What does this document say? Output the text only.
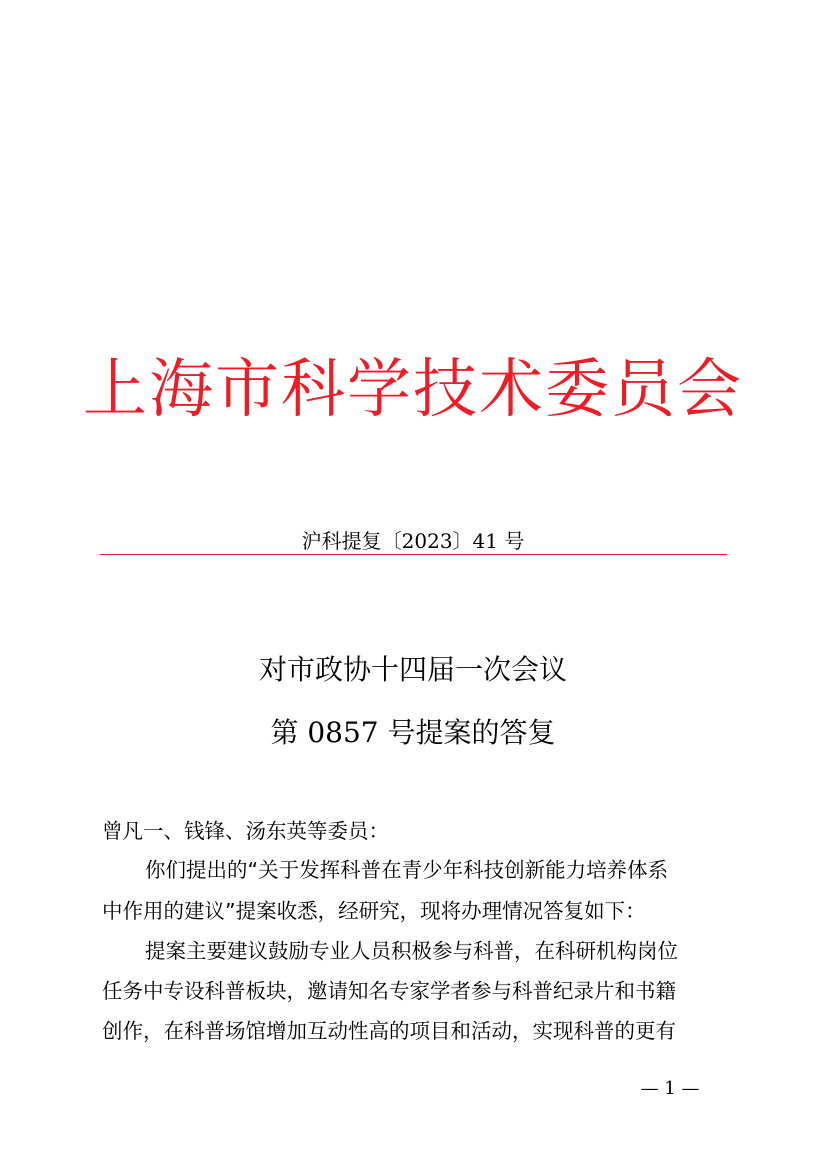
上海市科学技术委员会
沪科提复〔2023〕41 号
对市政协十四届一次会议
第 0857 号提案的答复
曾凡一、钱锋、汤东英等委员：
你们提出的“关于发挥科普在青少年科技创新能力培养体系
中作用的建议”提案收悉，经研究，现将办理情况答复如下：
提案主要建议鼓励专业人员积极参与科普，在科研机构岗位
任务中专设科普板块，邀请知名专家学者参与科普纪录片和书籍
创作，在科普场馆增加互动性高的项目和活动，实现科普的更有
— 1 —
